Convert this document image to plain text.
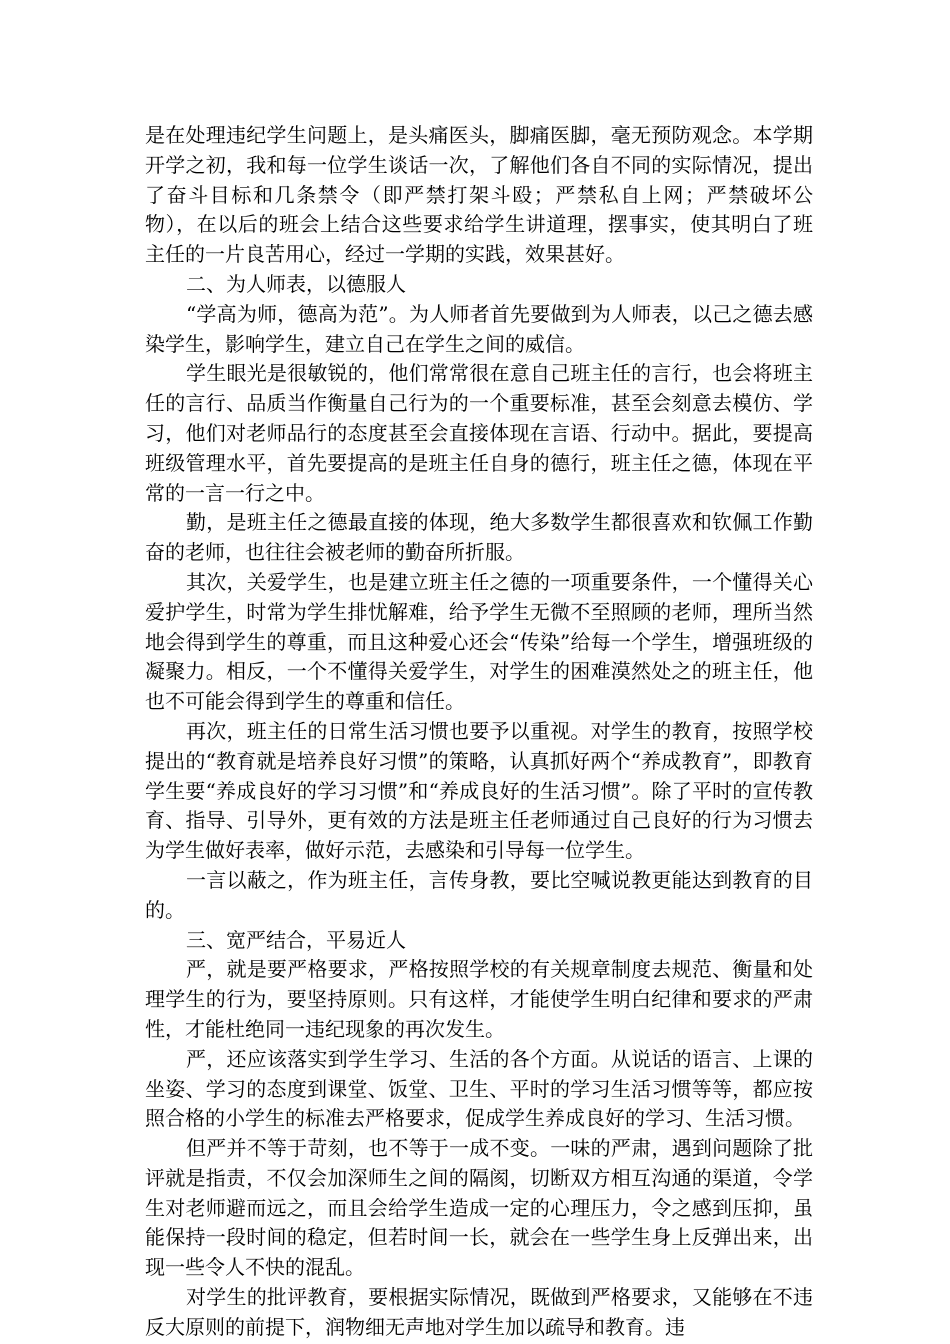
是在处理违纪学生问题上，是头痛医头，脚痛医脚，毫无预防观念。本学期开学之初，我和每一位学生谈话一次，了解他们各自不同的实际情况，提出了奋斗目标和几条禁令（即严禁打架斗殴；严禁私自上网；严禁破坏公物），在以后的班会上结合这些要求给学生讲道理，摆事实，使其明白了班主任的一片良苦用心，经过一学期的实践，效果甚好。

二、为人师表，以德服人

“学高为师，德高为范”。为人师者首先要做到为人师表，以己之德去感染学生，影响学生，建立自己在学生之间的威信。

学生眼光是很敏锐的，他们常常很在意自己班主任的言行，也会将班主任的言行、品质当作衡量自己行为的一个重要标准，甚至会刻意去模仿、学习，他们对老师品行的态度甚至会直接体现在言语、行动中。据此，要提高班级管理水平，首先要提高的是班主任自身的德行，班主任之德，体现在平常的一言一行之中。

勤，是班主任之德最直接的体现，绝大多数学生都很喜欢和钦佩工作勤奋的老师，也往往会被老师的勤奋所折服。

其次，关爱学生，也是建立班主任之德的一项重要条件，一个懂得关心爱护学生，时常为学生排忧解难，给予学生无微不至照顾的老师，理所当然地会得到学生的尊重，而且这种爱心还会“传染”给每一个学生，增强班级的凝聚力。相反，一个不懂得关爱学生，对学生的困难漠然处之的班主任，他也不可能会得到学生的尊重和信任。

再次，班主任的日常生活习惯也要予以重视。对学生的教育，按照学校提出的“教育就是培养良好习惯”的策略，认真抓好两个“养成教育”，即教育学生要“养成良好的学习习惯”和“养成良好的生活习惯”。除了平时的宣传教育、指导、引导外，更有效的方法是班主任老师通过自己良好的行为习惯去为学生做好表率，做好示范，去感染和引导每一位学生。

一言以蔽之，作为班主任，言传身教，要比空喊说教更能达到教育的目的。

三、宽严结合，平易近人

严，就是要严格要求，严格按照学校的有关规章制度去规范、衡量和处理学生的行为，要坚持原则。只有这样，才能使学生明白纪律和要求的严肃性，才能杜绝同一违纪现象的再次发生。

严，还应该落实到学生学习、生活的各个方面。从说话的语言、上课的坐姿、学习的态度到课堂、饭堂、卫生、平时的学习生活习惯等等，都应按照合格的小学生的标准去严格要求，促成学生养成良好的学习、生活习惯。

但严并不等于苛刻，也不等于一成不变。一味的严肃，遇到问题除了批评就是指责，不仅会加深师生之间的隔阂，切断双方相互沟通的渠道，令学生对老师避而远之，而且会给学生造成一定的心理压力，令之感到压抑，虽能保持一段时间的稳定，但若时间一长，就会在一些学生身上反弹出来，出现一些令人不快的混乱。

对学生的批评教育，要根据实际情况，既做到严格要求，又能够在不违反大原则的前提下，润物细无声地对学生加以疏导和教育。违
